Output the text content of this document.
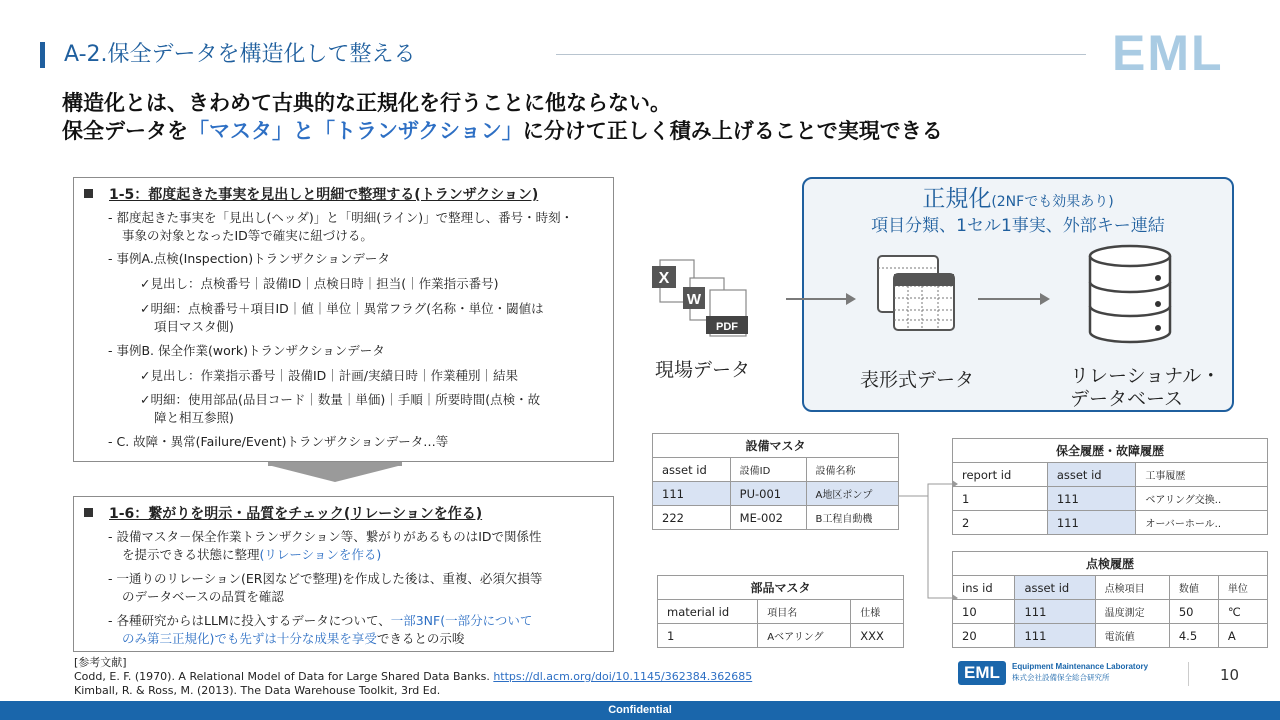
A-2.保全データを構造化して整える	EML
構造化とは、きわめて古典的な正規化を行うことに他ならない。
保全データを「マスタ」と「トランザクション」に分けて正しく積み上げることで実現できる
1-5：都度起きた事実を見出しと明細で整理する(トランザクション)
- 都度起きた事実を「見出し(ヘッダ)」と「明細(ライン)」で整理し、番号・時刻・
事象の対象となったID等で確実に紐づける。
- 事例A.点検(Inspection)トランザクションデータ
✓見出し：点検番号｜設備ID｜点検日時｜担当(｜作業指示番号)
✓明細：点検番号＋項目ID｜値｜単位｜異常フラグ(名称・単位・閾値は
項目マスタ側)
- 事例B. 保全作業(work)トランザクションデータ
✓見出し：作業指示番号｜設備ID｜計画/実績日時｜作業種別｜結果
✓明細：使用部品(品目コード｜数量｜単価)｜手順｜所要時間(点検・故
障と相互参照)
- C. 故障・異常(Failure/Event)トランザクションデータ…等
1-6：繋がりを明示・品質をチェック(リレーションを作る)
- 設備マスタ－保全作業トランザクション等、繋がりがあるものはIDで関係性
を提示できる状態に整理(リレーションを作る)
- 一通りのリレーション(ER図などで整理)を作成した後は、重複、必須欠損等
のデータベースの品質を確認
- 各種研究からはLLMに投入するデータについて、一部3NF(一部分について
のみ第三正規化)でも先ずは十分な成果を享受できるとの示唆
正規化(2NFでも効果あり)
項目分類、1セル1事実、外部キー連結
X
W
PDF
現場データ	表形式データ	リレーショナル・
データベース
設備マスタ		
asset id	設備ID	設備名称
111	PU-001	A地区ポンプ
222	ME-002	B工程自動機
部品マスタ		
material id	項目名	仕様
1	Aベアリング	XXX
保全履歴・故障履歴		
report id	asset id	工事履歴
1	111	ベアリング交換..
2	111	オーバーホール..
点検履歴				
ins id	asset id	点検項目	数値	単位
10	111	温度測定	50	℃
20	111	電流値	4.5	A
[参考文献]
Codd, E. F. (1970). A Relational Model of Data for Large Shared Data Banks. https://dl.acm.org/doi/10.1145/362384.362685
Kimball, R. & Ross, M. (2013). The Data Warehouse Toolkit, 3rd Ed.
EML	Equipment Maintenance Laboratory
株式会社設備保全総合研究所	10
Confidential
